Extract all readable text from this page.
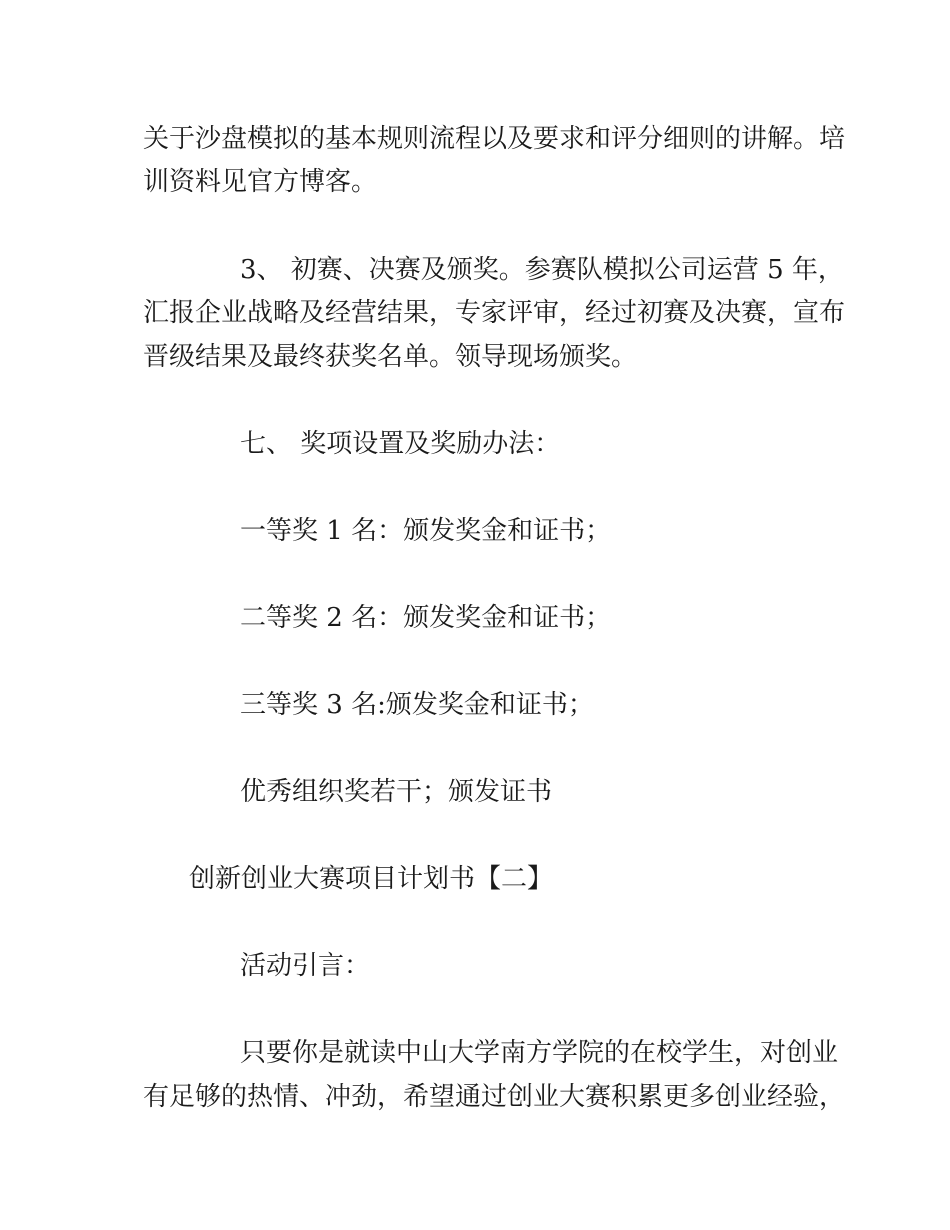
关于沙盘模拟的基本规则流程以及要求和评分细则的讲解。培

训资料见官方博客。

3、 初赛、决赛及颁奖。参赛队模拟公司运营 5 年，

汇报企业战略及经营结果，专家评审，经过初赛及决赛，宣布

晋级结果及最终获奖名单。领导现场颁奖。

七、 奖项设置及奖励办法：

一等奖 1 名：颁发奖金和证书；

二等奖 2 名：颁发奖金和证书；

三等奖 3 名:颁发奖金和证书；

优秀组织奖若干；颁发证书

创新创业大赛项目计划书【二】

活动引言：

只要你是就读中山大学南方学院的在校学生，对创业

有足够的热情、冲劲，希望通过创业大赛积累更多创业经验，
